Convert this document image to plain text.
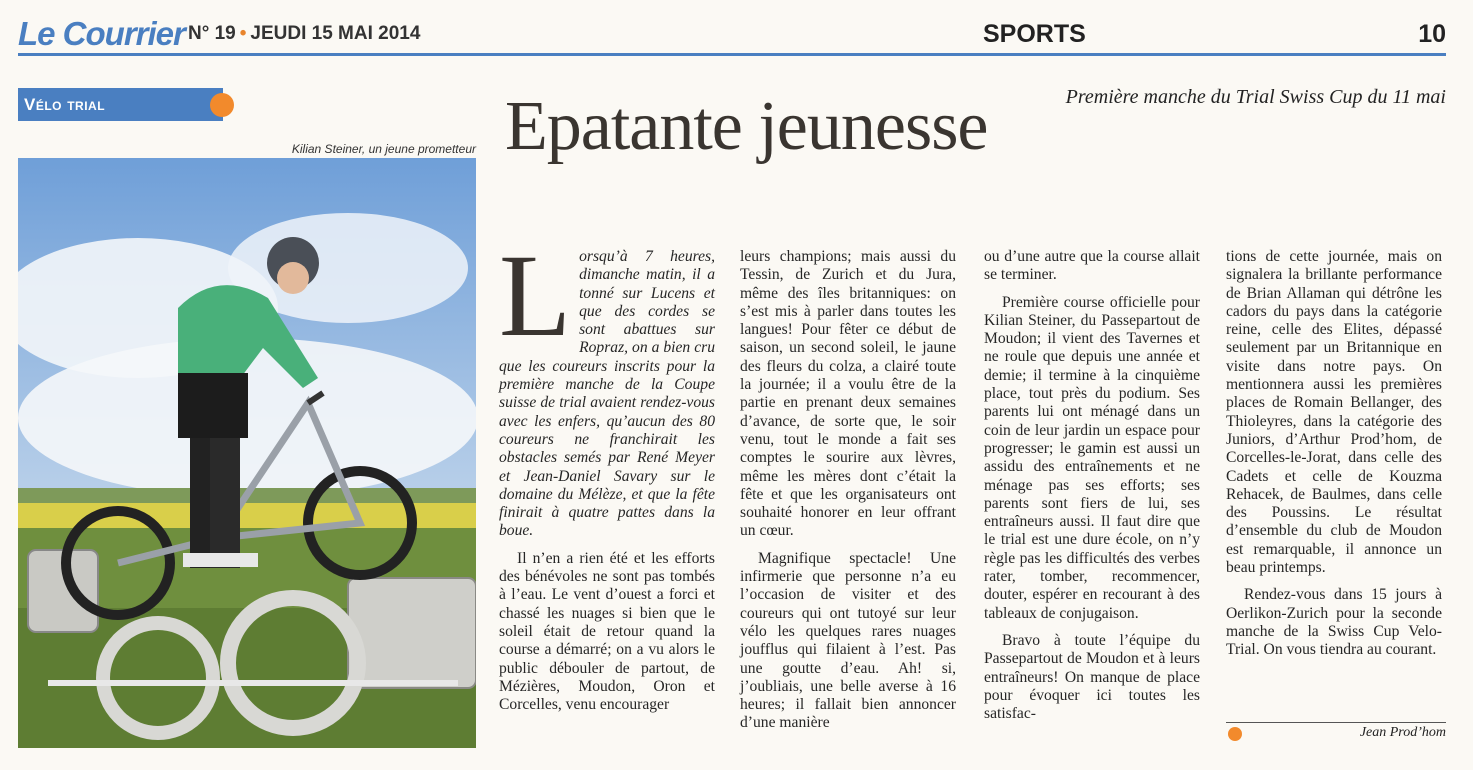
Le Courrier N° 19 • JEUDI 15 MAI 2014	SPORTS	10
Vélo trial
Kilian Steiner, un jeune prometteur Epatante jeunesse	Première manche du Trial Swiss Cup du 11 mai

Lorsqu’à 7 heures, dimanche matin, il a tonné sur Lucens et que des cordes se sont abattues sur Ropraz, on a bien cru que les coureurs inscrits pour la première manche de la Coupe suisse de trial avaient rendez-vous avec les enfers, qu’aucun des 80 coureurs ne franchirait les obstacles semés par René Meyer et Jean-Daniel Savary sur le domaine du Mélèze, et que la fête finirait à quatre pattes dans la boue.

Il n’en a rien été et les efforts des bénévoles ne sont pas tombés à l’eau. Le vent d’ouest a forci et chassé les nuages si bien que le soleil était de retour quand la course a démarré; on a vu alors le public débouler de partout, de Mézières, Moudon, Oron et Corcelles, venu encourager

leurs champions; mais aussi du Tessin, de Zurich et du Jura, même des îles britanniques: on s’est mis à parler dans toutes les langues! Pour fêter ce début de saison, un second soleil, le jaune des fleurs du colza, a clairé toute la journée; il a voulu être de la partie en prenant deux semaines d’avance, de sorte que, le soir venu, tout le monde a fait ses comptes le sourire aux lèvres, même les mères dont c’était la fête et que les organisateurs ont souhaité honorer en leur offrant un cœur.

Magnifique spectacle! Une infirmerie que personne n’a eu l’occasion de visiter et des coureurs qui ont tutoyé sur leur vélo les quelques rares nuages joufflus qui filaient à l’est. Pas une goutte d’eau. Ah! si, j’oubliais, une belle averse à 16 heures; il fallait bien annoncer d’une manière

ou d’une autre que la course allait se terminer.

Première course officielle pour Kilian Steiner, du Passepartout de Moudon; il vient des Tavernes et ne roule que depuis une année et demie; il termine à la cinquième place, tout près du podium. Ses parents lui ont ménagé dans un coin de leur jardin un espace pour progresser; le gamin est aussi un assidu des entraînements et ne ménage pas ses efforts; ses parents sont fiers de lui, ses entraîneurs aussi. Il faut dire que le trial est une dure école, on n’y règle pas les difficultés des verbes rater, tomber, recommencer, douter, espérer en recourant à des tableaux de conjugaison.

Bravo à toute l’équipe du Passepartout de Moudon et à leurs entraîneurs! On manque de place pour évoquer ici toutes les satisfac-

tions de cette journée, mais on signalera la brillante performance de Brian Allaman qui détrône les cadors du pays dans la catégorie reine, celle des Elites, dépassé seulement par un Britannique en visite dans notre pays. On mentionnera aussi les premières places de Romain Bellanger, des Thioleyres, dans la catégorie des Juniors, d’Arthur Prod’hom, de Corcelles-le-Jorat, dans celle des Cadets et celle de Kouzma Rehacek, de Baulmes, dans celle des Poussins. Le résultat d’ensemble du club de Moudon est remarquable, il annonce un beau printemps.

Rendez-vous dans 15 jours à Oerlikon-Zurich pour la seconde manche de la Swiss Cup Velo-Trial. On vous tiendra au courant.

Jean Prod’hom
